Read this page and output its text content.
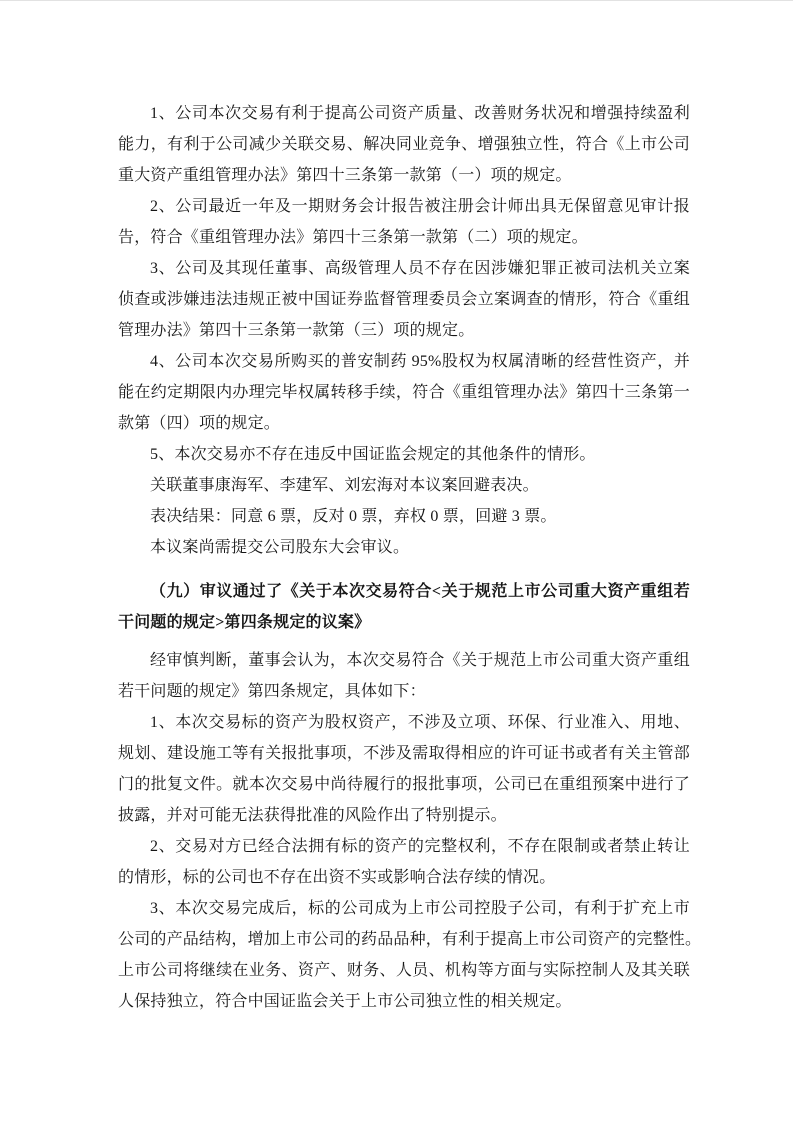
1、公司本次交易有利于提高公司资产质量、改善财务状况和增强持续盈利
能力，有利于公司减少关联交易、解决同业竞争、增强独立性，符合《上市公司
重大资产重组管理办法》第四十三条第一款第（一）项的规定。
2、公司最近一年及一期财务会计报告被注册会计师出具无保留意见审计报
告，符合《重组管理办法》第四十三条第一款第（二）项的规定。
3、公司及其现任董事、高级管理人员不存在因涉嫌犯罪正被司法机关立案
侦查或涉嫌违法违规正被中国证券监督管理委员会立案调查的情形，符合《重组
管理办法》第四十三条第一款第（三）项的规定。
4、公司本次交易所购买的普安制药 95%股权为权属清晰的经营性资产，并
能在约定期限内办理完毕权属转移手续，符合《重组管理办法》第四十三条第一
款第（四）项的规定。
5、本次交易亦不存在违反中国证监会规定的其他条件的情形。
关联董事康海军、李建军、刘宏海对本议案回避表决。
表决结果：同意 6 票，反对 0 票，弃权 0 票，回避 3 票。
本议案尚需提交公司股东大会审议。
（九）审议通过了《关于本次交易符合<关于规范上市公司重大资产重组若
干问题的规定>第四条规定的议案》
经审慎判断，董事会认为，本次交易符合《关于规范上市公司重大资产重组
若干问题的规定》第四条规定，具体如下：
1、本次交易标的资产为股权资产，不涉及立项、环保、行业准入、用地、
规划、建设施工等有关报批事项，不涉及需取得相应的许可证书或者有关主管部
门的批复文件。就本次交易中尚待履行的报批事项，公司已在重组预案中进行了
披露，并对可能无法获得批准的风险作出了特别提示。
2、交易对方已经合法拥有标的资产的完整权利，不存在限制或者禁止转让
的情形，标的公司也不存在出资不实或影响合法存续的情况。
3、本次交易完成后，标的公司成为上市公司控股子公司，有利于扩充上市
公司的产品结构，增加上市公司的药品品种，有利于提高上市公司资产的完整性。
上市公司将继续在业务、资产、财务、人员、机构等方面与实际控制人及其关联
人保持独立，符合中国证监会关于上市公司独立性的相关规定。
